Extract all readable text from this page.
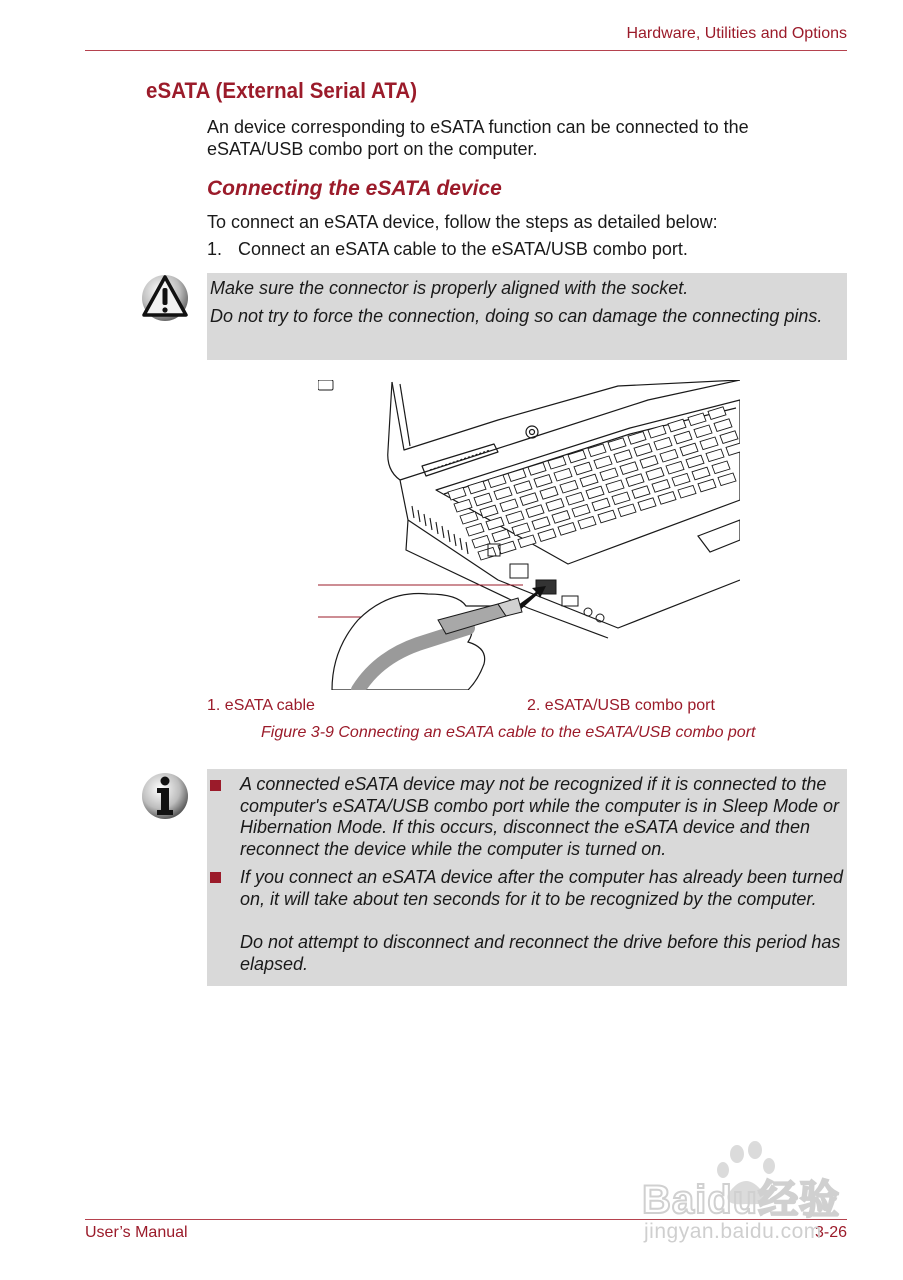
Hardware, Utilities and Options
eSATA (External Serial ATA)
An device corresponding to eSATA function can be connected to the eSATA/USB combo port on the computer.
Connecting the eSATA device
To connect an eSATA device, follow the steps as detailed below:
1. Connect an eSATA cable to the eSATA/USB combo port.

Make sure the connector is properly aligned with the socket.

Do not try to force the connection, doing so can damage the connecting pins.

2
1
1. eSATA cable	2. eSATA/USB combo port
Figure 3-9 Connecting an eSATA cable to the eSATA/USB combo port
A connected eSATA device may not be recognized if it is connected to the computer's eSATA/USB combo port while the computer is in Sleep Mode or Hibernation Mode. If this occurs, disconnect the eSATA device and then reconnect the device while the computer is turned on.
If you connect an eSATA device after the computer has already been turned on, it will take about ten seconds for it to be recognized by the computer.
Do not attempt to disconnect and reconnect the drive before this period has elapsed.
User’s Manual	3-26
Baidu经验
jingyan.baidu.com
